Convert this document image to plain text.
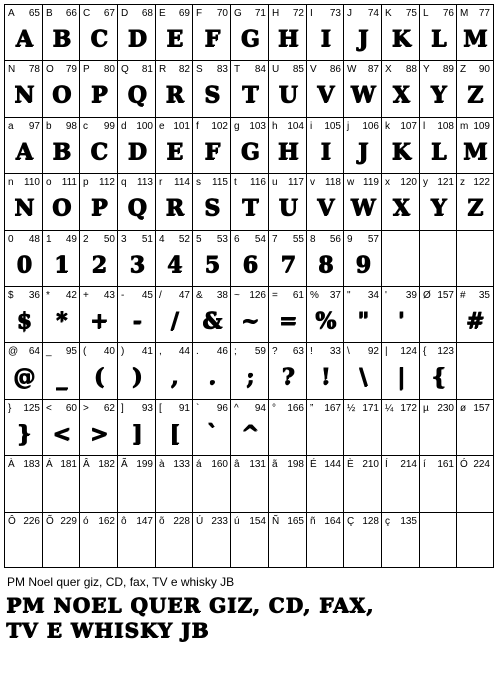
A 65
A
B 66
B
C 67
C
D 68
D
E 69
E
F 70
F
G 71
G
H 72
H
I 73
I
J 74
J
K 75
K
L 76
L
M 77
M
N 78
N
O 79
O
P 80
P
Q 81
Q
R 82
R
S 83
S
T 84
T
U 85
U
V 86
V
W 87
W
X 88
X
Y 89
Y
Z 90
Z
a 97
A
b 98
B
c 99
C
d 100
D
e 101
E
f 102
F
g 103
G
h 104
H
i 105
I
j 106
J
k 107
K
l 108
L
m 109
M
n 110
N
o 111
O
p 112
P
q 113
Q
r 114
R
s 115
S
t 116
T
u 117
U
v 118
V
w 119
W
x 120
X
y 121
Y
z 122
Z
0 48
0
1 49
1
2 50
2
3 51
3
4 52
4
5 53
5
6 54
6
7 55
7
8 56
8
9 57
9
$ 36
$
* 42
*
+ 43
+
- 45
-
/ 47
/
& 38
&
~ 126
~
= 61
=
% 37
%
" 34
"
' 39
'
Ø 157 # 35
#
@ 64
@
_ 95
_
( 40
(
) 41
)
, 44
,
. 46
.
; 59
;
? 63
?
! 33
!
\ 92
\
| 124
|
{ 123
{
} 125
}
< 60
<
> 62
>
] 93
]
[ 91
[
` 96
`
^ 94
^
° 166 ” 167 ½ 171 ¼ 172 µ 230 ø 157
À 183 Á 181 Â 182 Ã 199 à 133 á 160 â 131 ã 198 É 144 È 210 Í 214 í 161 Ó 224
Ô 226 Õ 229 ó 162 ô 147 õ 228 Ú 233 ú 154 Ñ 165 ñ 164 Ç 128 ç 135
PM Noel quer giz, CD, fax, TV e whisky JB
PM NOEL QUER GIZ, CD, FAX,
TV E WHISKY JB
